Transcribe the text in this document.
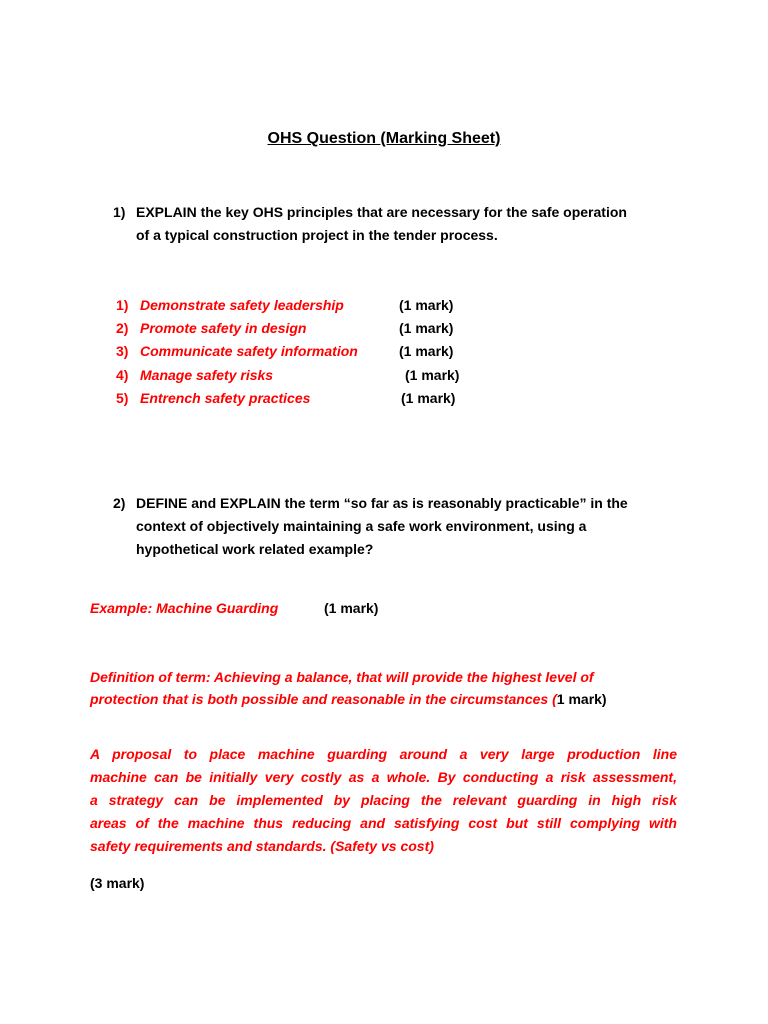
OHS Question (Marking Sheet)
1) EXPLAIN the key OHS principles that are necessary for the safe operation
of a typical construction project in the tender process.
1) Demonstrate safety leadership	(1 mark)
2) Promote safety in design	(1 mark)
3) Communicate safety information	(1 mark)
4) Manage safety risks	(1 mark)
5) Entrench safety practices	(1 mark)
2) DEFINE and EXPLAIN the term “so far as is reasonably practicable” in the
context of objectively maintaining a safe work environment, using a
hypothetical work related example?
Example: Machine Guarding	(1 mark)
Definition of term: Achieving a balance, that will provide the highest level of
protection that is both possible and reasonable in the circumstances (1 mark)
A proposal to place machine guarding around a very large production line
machine can be initially very costly as a whole. By conducting a risk assessment,
a strategy can be implemented by placing the relevant guarding in high risk
areas of the machine thus reducing and satisfying cost but still complying with
safety requirements and standards. (Safety vs cost)
(3 mark)
